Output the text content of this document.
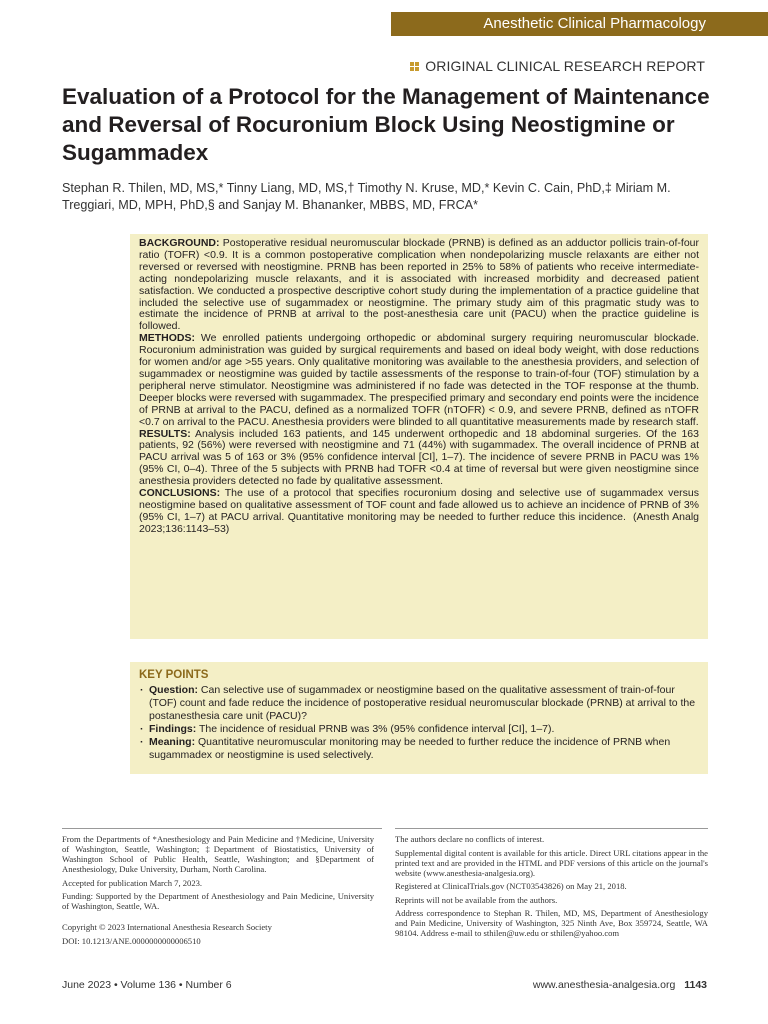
Anesthetic Clinical Pharmacology
ORIGINAL CLINICAL RESEARCH REPORT
Evaluation of a Protocol for the Management of Maintenance and Reversal of Rocuronium Block Using Neostigmine or Sugammadex
Stephan R. Thilen, MD, MS,* Tinny Liang, MD, MS,† Timothy N. Kruse, MD,* Kevin C. Cain, PhD,‡ Miriam M. Treggiari, MD, MPH, PhD,§ and Sanjay M. Bhananker, MBBS, MD, FRCA*

BACKGROUND: Postoperative residual neuromuscular blockade (PRNB) is defined as an adductor pollicis train-of-four ratio (TOFR) <0.9. It is a common postoperative complication when nondepolarizing muscle relaxants are either not reversed or reversed with neostigmine. PRNB has been reported in 25% to 58% of patients who receive intermediate-acting nondepolarizing muscle relaxants, and it is associated with increased morbidity and decreased patient satisfaction. We conducted a prospective descriptive cohort study during the implementation of a practice guideline that included the selective use of sugammadex or neostigmine. The primary study aim of this pragmatic study was to estimate the incidence of PRNB at arrival to the post-anesthesia care unit (PACU) when the practice guideline is followed.

METHODS: We enrolled patients undergoing orthopedic or abdominal surgery requiring neuromuscular blockade. Rocuronium administration was guided by surgical requirements and based on ideal body weight, with dose reductions for women and/or age >55 years. Only qualitative monitoring was available to the anesthesia providers, and selection of sugammadex or neostigmine was guided by tactile assessments of the response to train-of-four (TOF) stimulation by a peripheral nerve stimulator. Neostigmine was administered if no fade was detected in the TOF response at the thumb. Deeper blocks were reversed with sugammadex. The prespecified primary and secondary end points were the incidence of PRNB at arrival to the PACU, defined as a normalized TOFR (nTOFR) < 0.9, and severe PRNB, defined as nTOFR <0.7 on arrival to the PACU. Anesthesia providers were blinded to all quantitative measurements made by research staff.

RESULTS: Analysis included 163 patients, and 145 underwent orthopedic and 18 abdominal surgeries. Of the 163 patients, 92 (56%) were reversed with neostigmine and 71 (44%) with sugammadex. The overall incidence of PRNB at PACU arrival was 5 of 163 or 3% (95% confidence interval [CI], 1–7). The incidence of severe PRNB in PACU was 1% (95% CI, 0–4). Three of the 5 subjects with PRNB had TOFR <0.4 at time of reversal but were given neostigmine since anesthesia providers detected no fade by qualitative assessment.

CONCLUSIONS: The use of a protocol that specifies rocuronium dosing and selective use of sugammadex versus neostigmine based on qualitative assessment of TOF count and fade allowed us to achieve an incidence of PRNB of 3% (95% CI, 1–7) at PACU arrival. Quantitative monitoring may be needed to further reduce this incidence. (Anesth Analg 2023;136:1143–53)

KEY POINTS

· Question: Can selective use of sugammadex or neostigmine based on the qualitative assessment of train-of-four (TOF) count and fade reduce the incidence of postoperative residual neuromuscular blockade (PRNB) at arrival to the postanesthesia care unit (PACU)?

· Findings: The incidence of residual PRNB was 3% (95% confidence interval [CI], 1–7).

· Meaning: Quantitative neuromuscular monitoring may be needed to further reduce the incidence of PRNB when sugammadex or neostigmine is used selectively.

From the Departments of *Anesthesiology and Pain Medicine and †Medicine, University of Washington, Seattle, Washington; ‡Department of Biostatistics, University of Washington School of Public Health, Seattle, Washington; and §Department of Anesthesiology, Duke University, Durham, North Carolina.

Accepted for publication March 7, 2023.

Funding: Supported by the Department of Anesthesiology and Pain Medicine, University of Washington, Seattle, WA.

Copyright © 2023 International Anesthesia Research Society

DOI: 10.1213/ANE.0000000000006510

The authors declare no conflicts of interest.

Supplemental digital content is available for this article. Direct URL citations appear in the printed text and are provided in the HTML and PDF versions of this article on the journal's website (www.anesthesia-analgesia.org).

Registered at ClinicalTrials.gov (NCT03543826) on May 21, 2018.

Reprints will not be available from the authors.

Address correspondence to Stephan R. Thilen, MD, MS, Department of Anesthesiology and Pain Medicine, University of Washington, 325 Ninth Ave, Box 359724, Seattle, WA 98104. Address e-mail to sthilen@uw.edu or sthilen@yahoo.com

June 2023 • Volume 136 • Number 6	www.anesthesia-analgesia.org 1143
